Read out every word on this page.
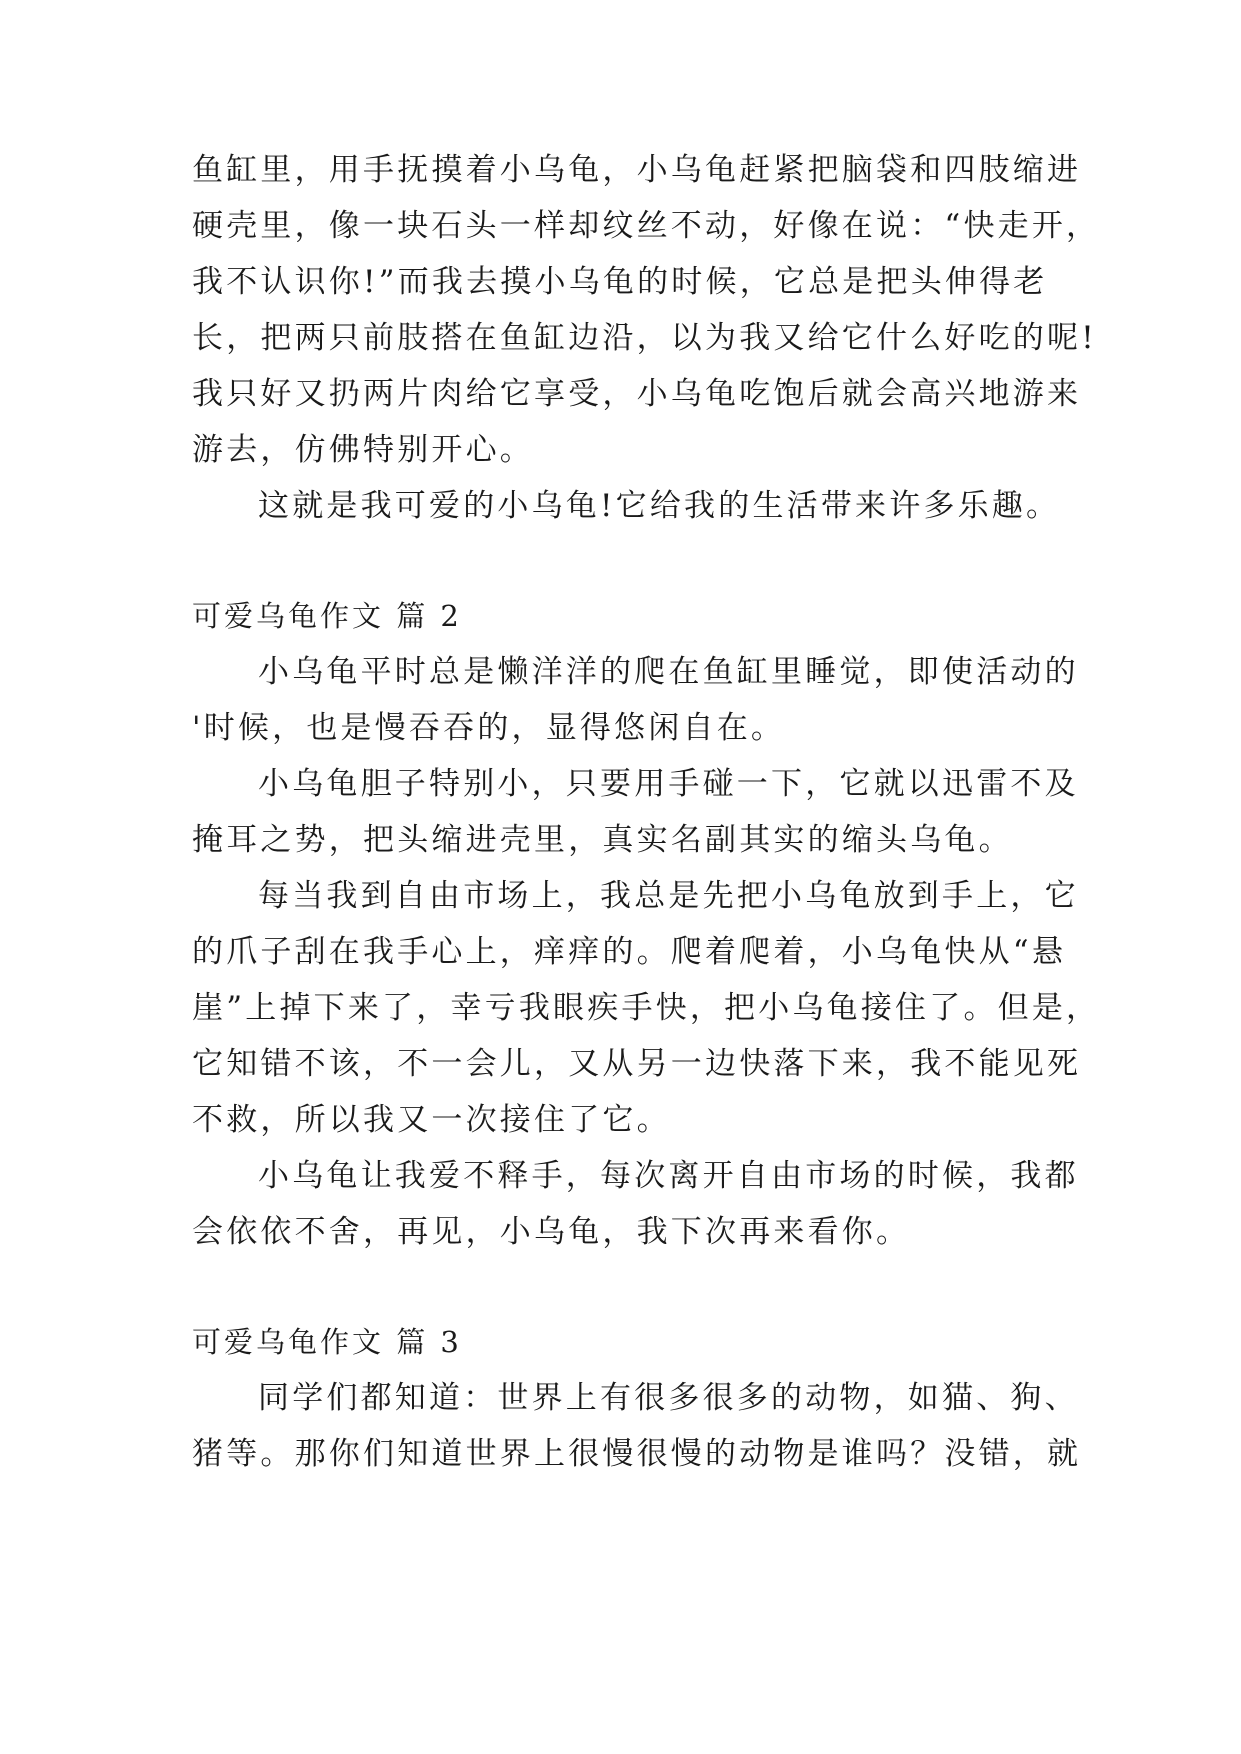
鱼缸里，用手抚摸着小乌龟，小乌龟赶紧把脑袋和四肢缩进
硬壳里，像一块石头一样却纹丝不动，好像在说：“快走开，
我不认识你!”而我去摸小乌龟的时候，它总是把头伸得老
长，把两只前肢搭在鱼缸边沿，以为我又给它什么好吃的呢!
我只好又扔两片肉给它享受，小乌龟吃饱后就会高兴地游来
游去，仿佛特别开心。
这就是我可爱的小乌龟!它给我的生活带来许多乐趣。
可爱乌龟作文 篇 2
小乌龟平时总是懒洋洋的爬在鱼缸里睡觉，即使活动的
'时候，也是慢吞吞的，显得悠闲自在。
小乌龟胆子特别小，只要用手碰一下，它就以迅雷不及
掩耳之势，把头缩进壳里，真实名副其实的缩头乌龟。
每当我到自由市场上，我总是先把小乌龟放到手上，它
的爪子刮在我手心上，痒痒的。爬着爬着，小乌龟快从“悬
崖”上掉下来了，幸亏我眼疾手快，把小乌龟接住了。但是，
它知错不该，不一会儿，又从另一边快落下来，我不能见死
不救，所以我又一次接住了它。
小乌龟让我爱不释手，每次离开自由市场的时候，我都
会依依不舍，再见，小乌龟，我下次再来看你。
可爱乌龟作文 篇 3
同学们都知道：世界上有很多很多的动物，如猫、狗、
猪等。那你们知道世界上很慢很慢的动物是谁吗？没错，就
